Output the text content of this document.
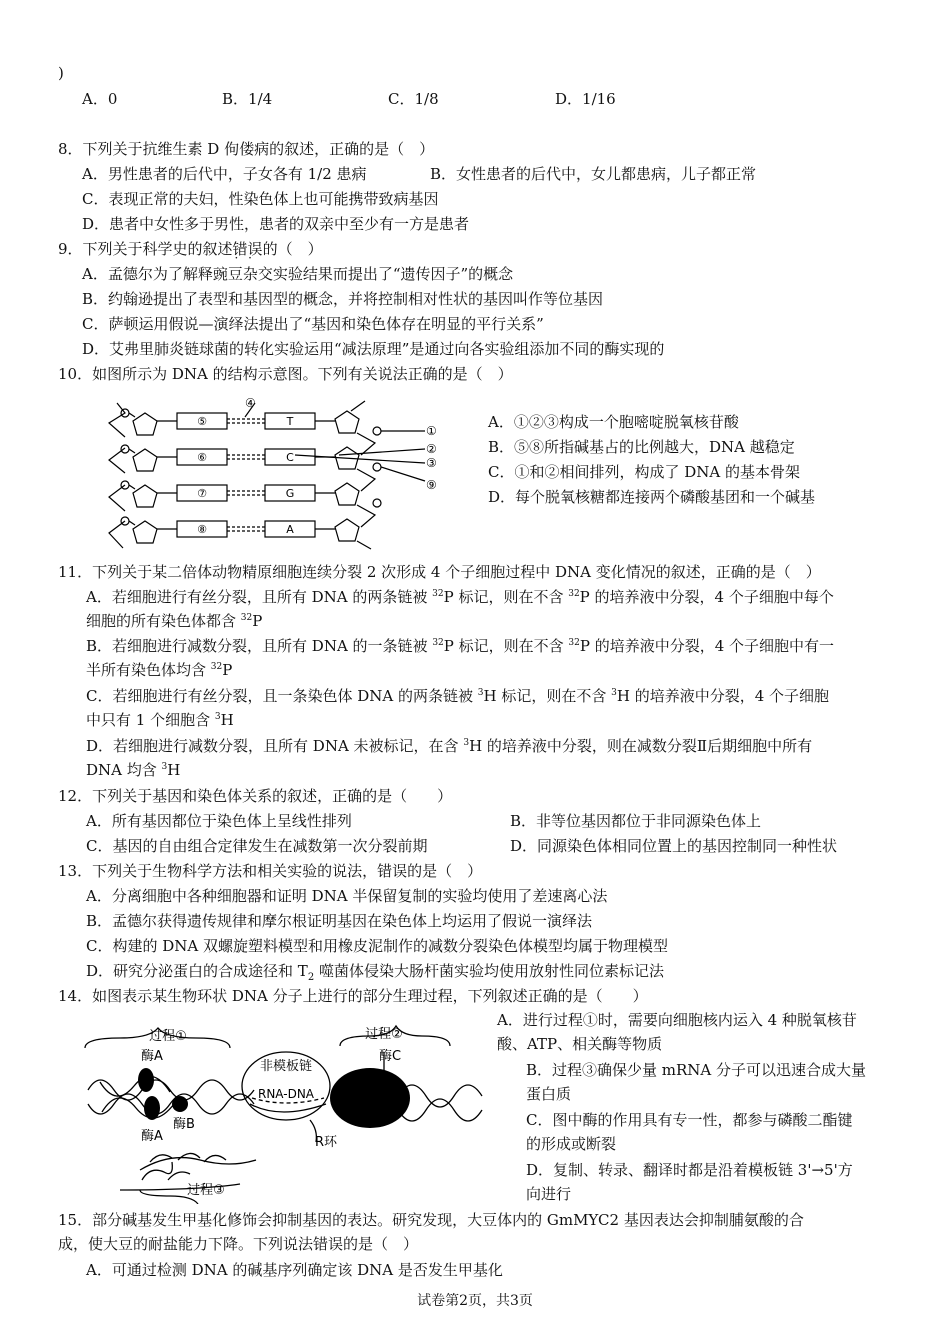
)
A．0	B．1/4	C．1/8	D．1/16
8．下列关于抗维生素 D 佝偻病的叙述，正确的是（　）
A．男性患者的后代中，子女各有 1/2 患病	B．女性患者的后代中，女儿都患病，儿子都正常
C．表现正常的夫妇，性染色体上也可能携带致病基因
D．患者中女性多于男性，患者的双亲中至少有一方是患者
9．下列关于科学史的叙述错误 · ·的（　）
A．孟德尔为了解释豌豆杂交实验结果而提出了“遗传因子”的概念
B．约翰逊提出了表型和基因型的概念，并将控制相对性状的基因叫作等位基因
C．萨顿运用假说—演绎法提出了“基因和染色体存在明显的平行关系”
D．艾弗里肺炎链球菌的转化实验运用“减法原理”是通过向各实验组添加不同的酶实现的
10．如图所示为 DNA 的结构示意图。下列有关说法正确的是（　）
⑤
⑥
⑦
⑧
T
C
G
A
④
①
②
③
⑨
A．①②③构成一个胞嘧啶脱氧核苷酸
B．⑤⑧所指碱基占的比例越大，DNA 越稳定
C．①和②相间排列，构成了 DNA 的基本骨架
D．每个脱氧核糖都连接两个磷酸基团和一个碱基
11．下列关于某二倍体动物精原细胞连续分裂 2 次形成 4 个子细胞过程中 DNA 变化情况的叙述，正确的是（　）
A．若细胞进行有丝分裂，且所有 DNA 的两条链被 $^{32}$P 标记，则在不含 $^{32}$P 的培养液中分裂，4 个子细胞中每个
细胞的所有染色体都含 $^{32}$P
B．若细胞进行减数分裂，且所有 DNA 的一条链被 $^{32}$P 标记，则在不含 $^{32}$P 的培养液中分裂，4 个子细胞中有一
半所有染色体均含 $^{32}$P
C．若细胞进行有丝分裂，且一条染色体 DNA 的两条链被 $^3$H 标记，则在不含 $^3$H 的培养液中分裂，4 个子细胞
中只有 1 个细胞含 $^3$H
D．若细胞进行减数分裂，且所有 DNA 未被标记，在含 $^3$H 的培养液中分裂，则在减数分裂Ⅱ后期细胞中所有
DNA 均含 $^3$H
12．下列关于基因和染色体关系的叙述，正确的是（　　）
A．所有基因都位于染色体上呈线性排列	B．非等位基因都位于非同源染色体上
C．基因的自由组合定律发生在减数第一次分裂前期	D．同源染色体相同位置上的基因控制同一种性状
13．下列关于生物科学方法和相关实验的说法，错误的是（　）
A．分离细胞中各种细胞器和证明 DNA 半保留复制的实验均使用了差速离心法
B．孟德尔获得遗传规律和摩尔根证明基因在染色体上均运用了假说一演绎法
C．构建的 DNA 双螺旋塑料模型和用橡皮泥制作的减数分裂染色体模型均属于物理模型
D．研究分泌蛋白的合成途径和 $T_2$ 噬菌体侵染大肠杆菌实验均使用放射性同位素标记法
14．如图表示某生物环状 DNA 分子上进行的部分生理过程，下列叙述正确的是（　　）
过程①	过程②
过程③
酶A
酶A
酶B
酶C
非模板链
RNA-DNA
R环
A．进行过程①时，需要向细胞核内运入 4 种脱氧核苷
酸、ATP、相关酶等物质
B．过程③确保少量 mRNA 分子可以迅速合成大量
蛋白质
C．图中酶的作用具有专一性，都参与磷酸二酯键
的形成或断裂
D．复制、转录、翻译时都是沿着模板链 3'→5'方
向进行
15．部分碱基发生甲基化修饰会抑制基因的表达。研究发现，大豆体内的 GmMYC2 基因表达会抑制脯氨酸的合
成，使大豆的耐盐能力下降。下列说法错误的是（　）
A．可通过检测 DNA 的碱基序列确定该 DNA 是否发生甲基化
试卷第2页，共3页
